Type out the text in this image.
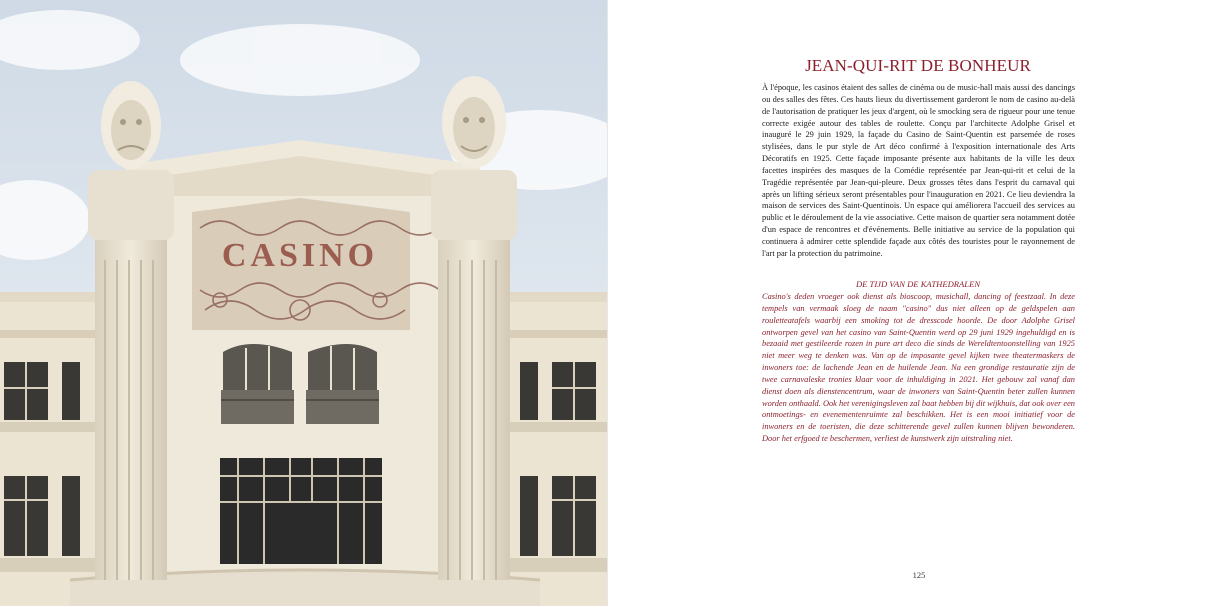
CASINO
JEAN-QUI-RIT DE BONHEUR
À l'époque, les casinos étaient des salles de cinéma ou de music-hall mais aussi des dancings ou des salles des fêtes. Ces hauts lieux du divertissement garderont le nom de casino au-delà de l'autorisation de pratiquer les jeux d'argent, où le smocking sera de rigueur pour une tenue correcte exigée autour des tables de roulette. Conçu par l'architecte Adolphe Grisel et inauguré le 29 juin 1929, la façade du Casino de Saint-Quentin est parsemée de roses stylisées, dans le pur style de Art déco confirmé à l'exposition internationale des Arts Décoratifs en 1925. Cette façade imposante présente aux habitants de la ville les deux facettes inspirées des masques de la Comédie représentée par Jean-qui-rit et celui de la Tragédie représentée par Jean-qui-pleure. Deux grosses têtes dans l'esprit du carnaval qui après un lifting sérieux seront présentables pour l'inauguration en 2021. Ce lieu deviendra la maison de services des Saint-Quentinois. Un espace qui améliorera l'accueil des services au public et le déroulement de la vie associative. Cette maison de quartier sera notamment dotée d'un espace de rencontres et d'événements. Belle initiative au service de la population qui continuera à admirer cette splendide façade aux côtés des touristes pour le rayonnement de l'art par la protection du patrimoine.
DE TIJD VAN DE KATHEDRALEN
Casino's deden vroeger ook dienst als bioscoop, musichall, dancing of feestzaal. In deze tempels van vermaak sloeg de naam "casino" dus niet alleen op de geldspelen aan rouletteatafels waarbij een smoking tot de dresscode hoorde. De door Adolphe Grisel ontworpen gevel van het casino van Saint-Quentin werd op 29 juni 1929 ingehuldigd en is bezaaid met gestileerde rozen in pure art deco die sinds de Wereldtentoonstelling van 1925 niet meer weg te denken was. Van op de imposante gevel kijken twee theatermaskers de inwoners toe: de lachende Jean en de huilende Jean. Na een grondige restauratie zijn de twee carnavaleske tronies klaar voor de inhuldiging in 2021. Het gebouw zal vanaf dan dienst doen als dienstencentrum, waar de inwoners van Saint-Quentin beter zullen kunnen worden onthaald. Ook het verenigingsleven zal baat hebben bij dit wijkhuis, dat ook over een ontmoetings- en evenementenruimte zal beschikken. Het is een mooi initiatief voor de inwoners en de toeristen, die deze schitterende gevel zullen kunnen blijven bewonderen. Door het erfgoed te beschermen, verliest de kunstwerk zijn uitstraling niet.
125
